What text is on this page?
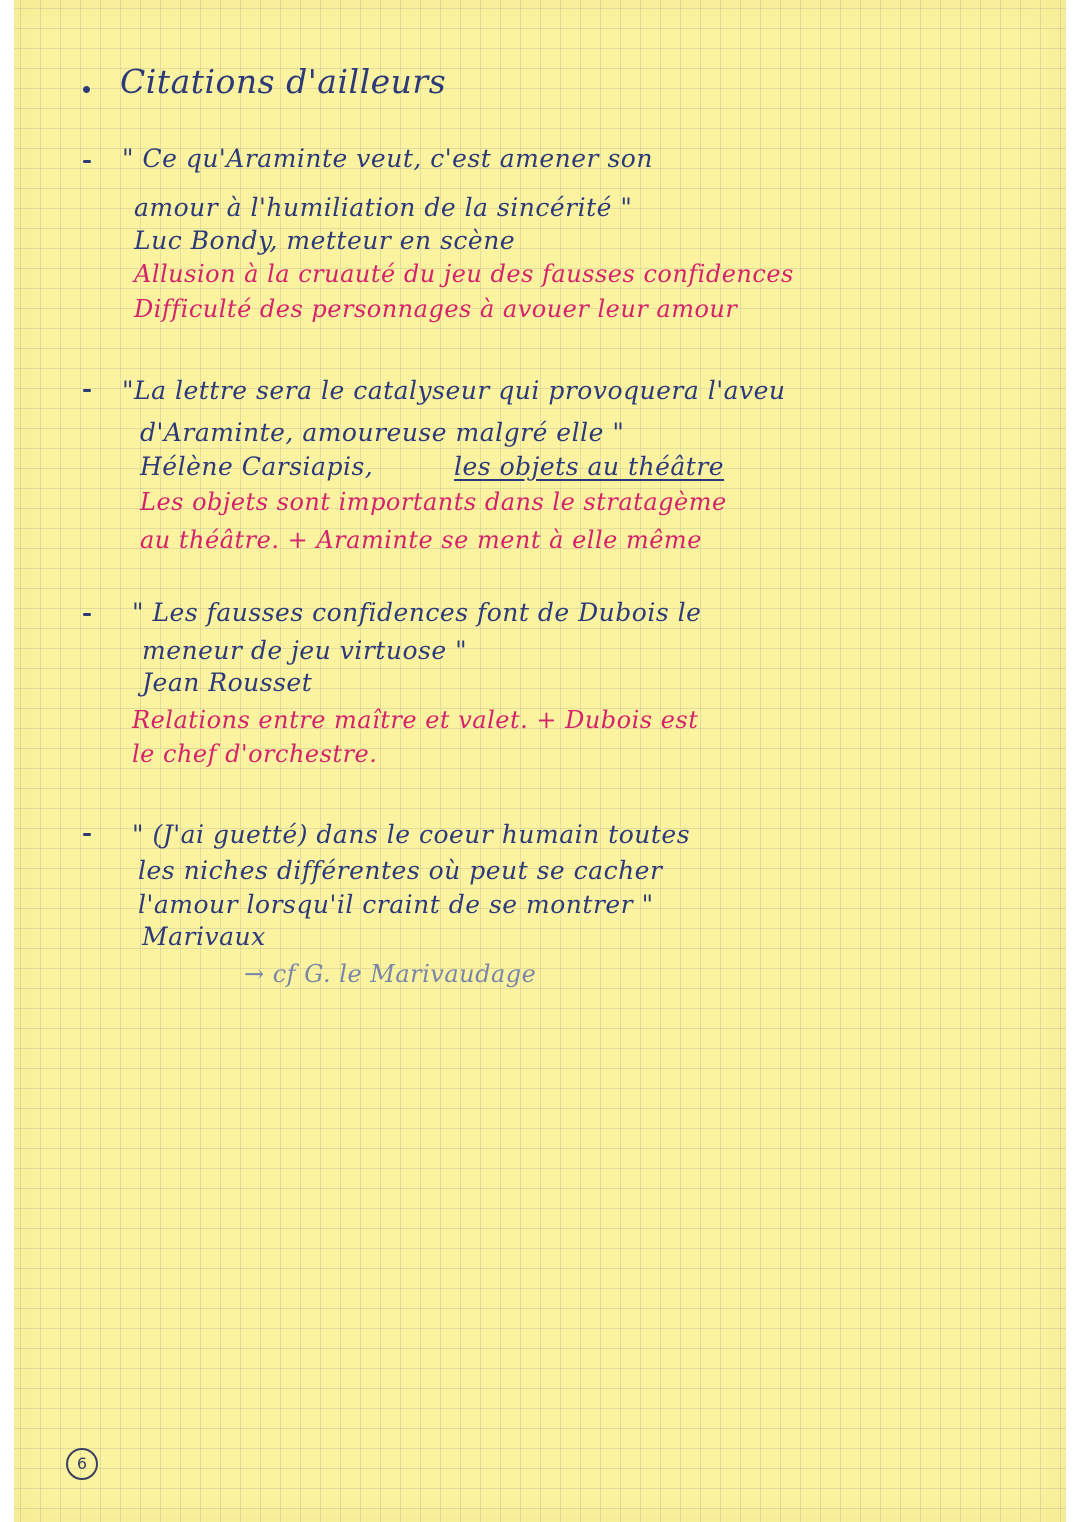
Citations d'ailleurs
" Ce qu'Araminte veut, c'est amener son
amour à l'humiliation de la sincérité "
Luc Bondy, metteur en scène
Allusion à la cruauté du jeu des fausses confidences
Difficulté des personnages à avouer leur amour
"La lettre sera le catalyseur qui provoquera l'aveu
d'Araminte, amoureuse malgré elle "
Hélène Carsiapis,	les objets au théâtre
Les objets sont importants dans le stratagème
au théâtre. + Araminte se ment à elle même
" Les fausses confidences font de Dubois le
meneur de jeu virtuose "
Jean Rousset
Relations entre maître et valet. + Dubois est
le chef d'orchestre.
" (J'ai guetté) dans le coeur humain toutes
les niches différentes où peut se cacher
l'amour lorsqu'il craint de se montrer "
Marivaux
→ cf G. le Marivaudage
6
